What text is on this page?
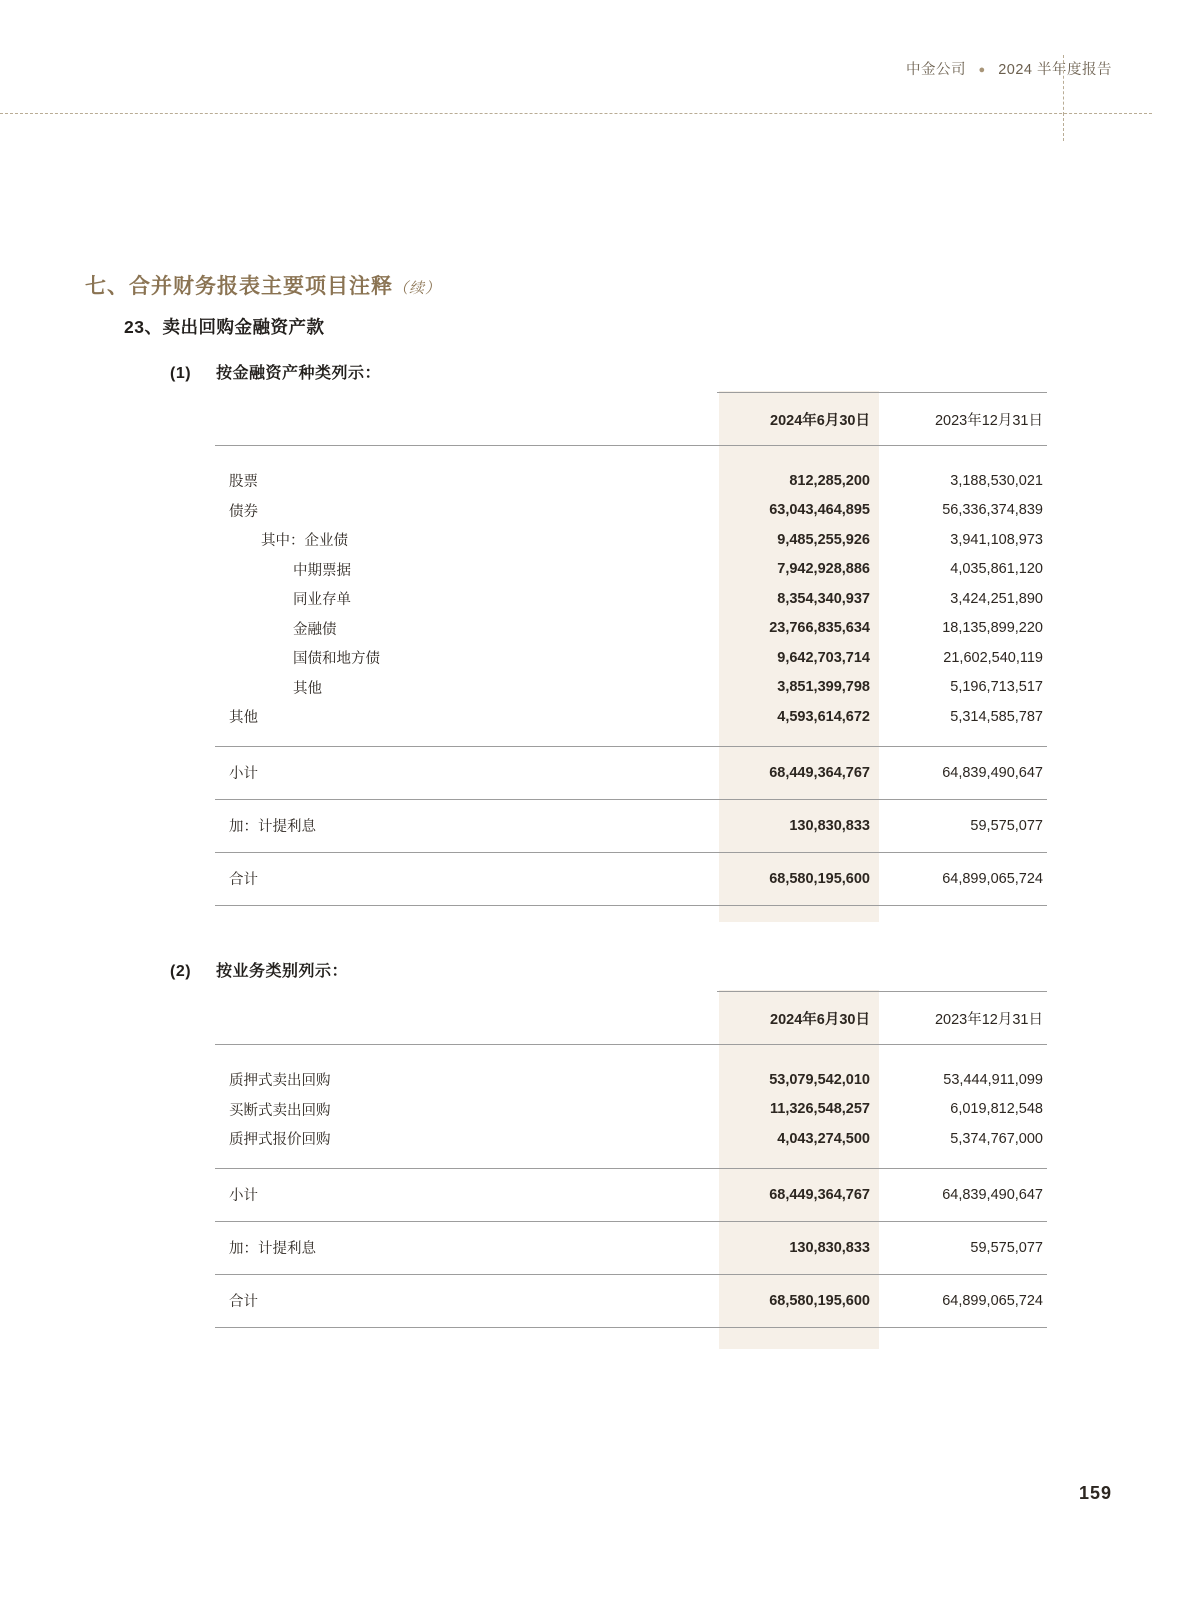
中金公司 ● 2024 半年度报告
七、合并财务报表主要项目注释（续）
23、卖出回购金融资产款
(1) 按金融资产种类列示：
(2) 按业务类别列示：
	2024年6月30日	2023年12月31日

股票	812,285,200	3,188,530,021
债券	63,043,464,895	56,336,374,839
其中：企业债	9,485,255,926	3,941,108,973
中期票据	7,942,928,886	4,035,861,120
同业存单	8,354,340,937	3,424,251,890
金融债	23,766,835,634	18,135,899,220
国债和地方债	9,642,703,714	21,602,540,119
其他	3,851,399,798	5,196,713,517
其他	4,593,614,672	5,314,585,787

小计	68,449,364,767	64,839,490,647

加：计提利息	130,830,833	59,575,077

合计	68,580,195,600	64,899,065,724

	2024年6月30日	2023年12月31日

质押式卖出回购	53,079,542,010	53,444,911,099
买断式卖出回购	11,326,548,257	6,019,812,548
质押式报价回购	4,043,274,500	5,374,767,000

小计	68,449,364,767	64,839,490,647

加：计提利息	130,830,833	59,575,077

合计	68,580,195,600	64,899,065,724

159
